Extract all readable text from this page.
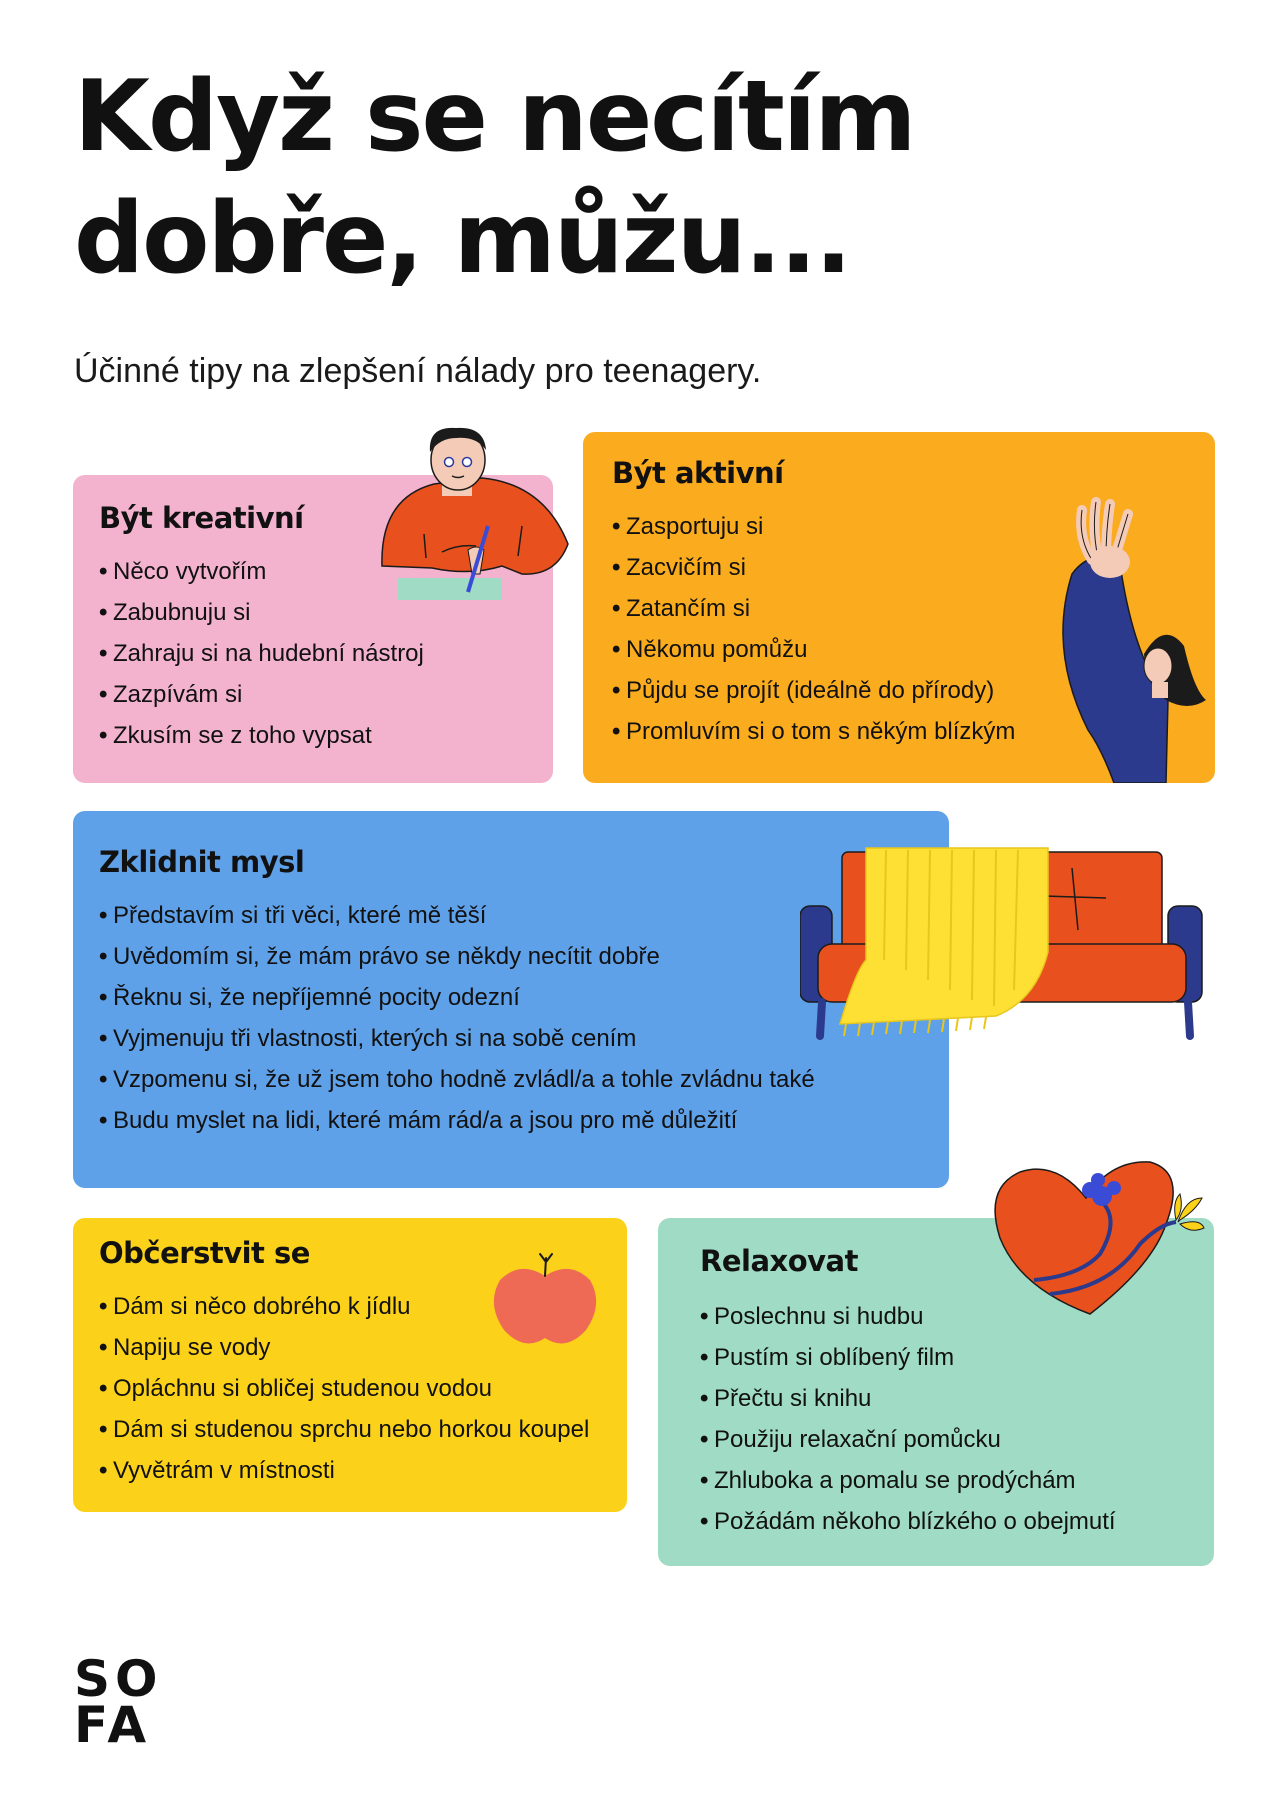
Když se necítím
dobře, můžu...

Účinné tipy na zlepšení nálady pro teenagery.

Být kreativní
• Něco vytvořím
• Zabubnuju si
• Zahraju si na hudební nástroj
• Zazpívám si
• Zkusím se z toho vypsat
Být aktivní
• Zasportuju si
• Zacvičím si
• Zatančím si
• Někomu pomůžu
• Půjdu se projít (ideálně do přírody)
• Promluvím si o tom s někým blízkým
Zklidnit mysl
• Představím si tři věci, které mě těší
• Uvědomím si, že mám právo se někdy necítit dobře
• Řeknu si, že nepříjemné pocity odezní
• Vyjmenuju tři vlastnosti, kterých si na sobě cením
• Vzpomenu si, že už jsem toho hodně zvládl/a a tohle zvládnu také
• Budu myslet na lidi, které mám rád/a a jsou pro mě důležití
Občerstvit se
• Dám si něco dobrého k jídlu
• Napiju se vody
• Opláchnu si obličej studenou vodou
• Dám si studenou sprchu nebo horkou koupel
• Vyvětrám v místnosti
Relaxovat
• Poslechnu si hudbu
• Pustím si oblíbený film
• Přečtu si knihu
• Použiju relaxační pomůcku
• Zhluboka a pomalu se prodýchám
• Požádám někoho blízkého o obejmutí
SO
FA
